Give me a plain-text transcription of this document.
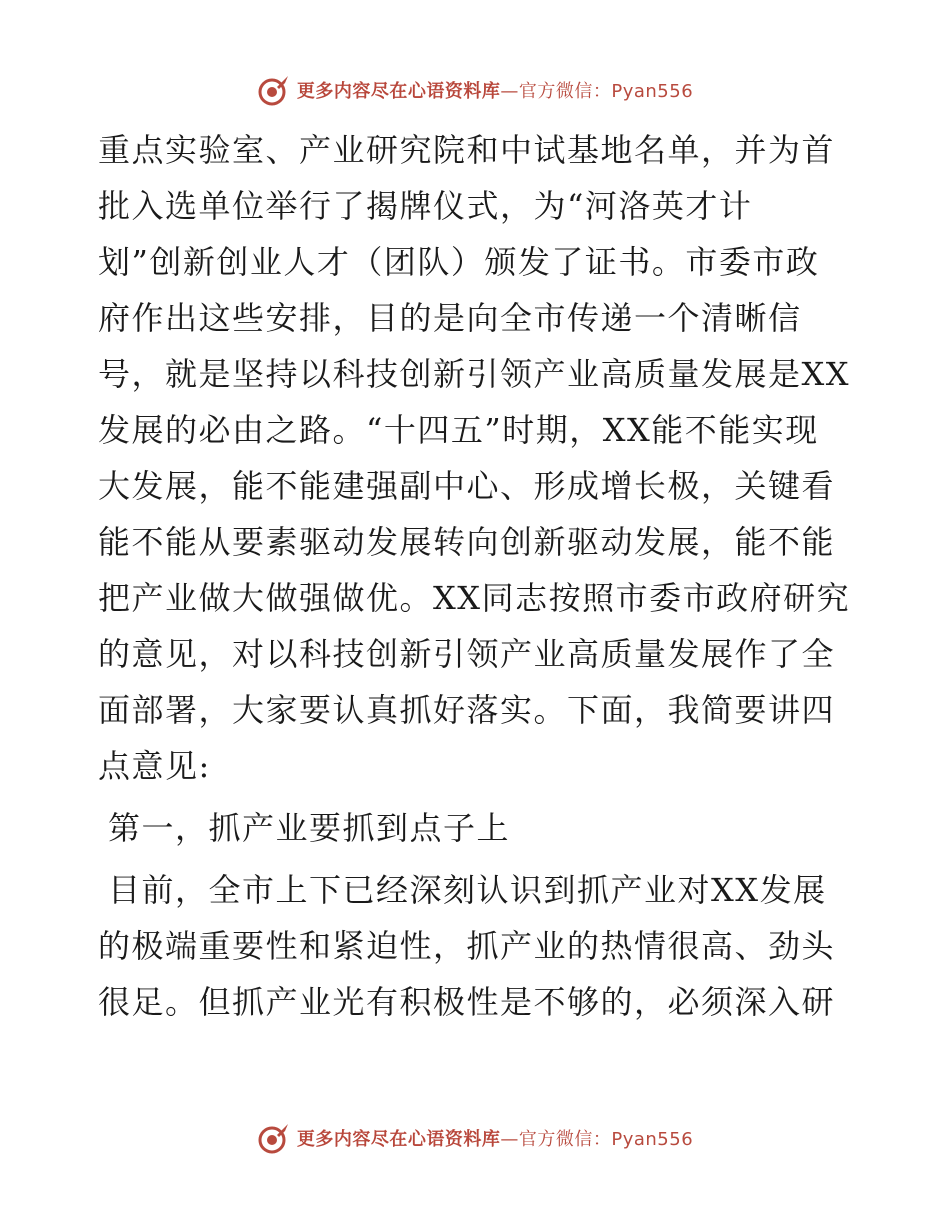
更多内容尽在心语资料库—官方微信：Pyan556
重点实验室、产业研究院和中试基地名单，并为首
批入选单位举行了揭牌仪式，为“河洛英才计
划”创新创业人才（团队）颁发了证书。市委市政
府作出这些安排，目的是向全市传递一个清晰信
号，就是坚持以科技创新引领产业高质量发展是XX
发展的必由之路。“十四五”时期，XX能不能实现
大发展，能不能建强副中心、形成增长极，关键看
能不能从要素驱动发展转向创新驱动发展，能不能
把产业做大做强做优。XX同志按照市委市政府研究
的意见，对以科技创新引领产业高质量发展作了全
面部署，大家要认真抓好落实。下面，我简要讲四
点意见:
第一，抓产业要抓到点子上
目前，全市上下已经深刻认识到抓产业对XX发展
的极端重要性和紧迫性，抓产业的热情很高、劲头
很足。但抓产业光有积极性是不够的，必须深入研
更多内容尽在心语资料库—官方微信：Pyan556
